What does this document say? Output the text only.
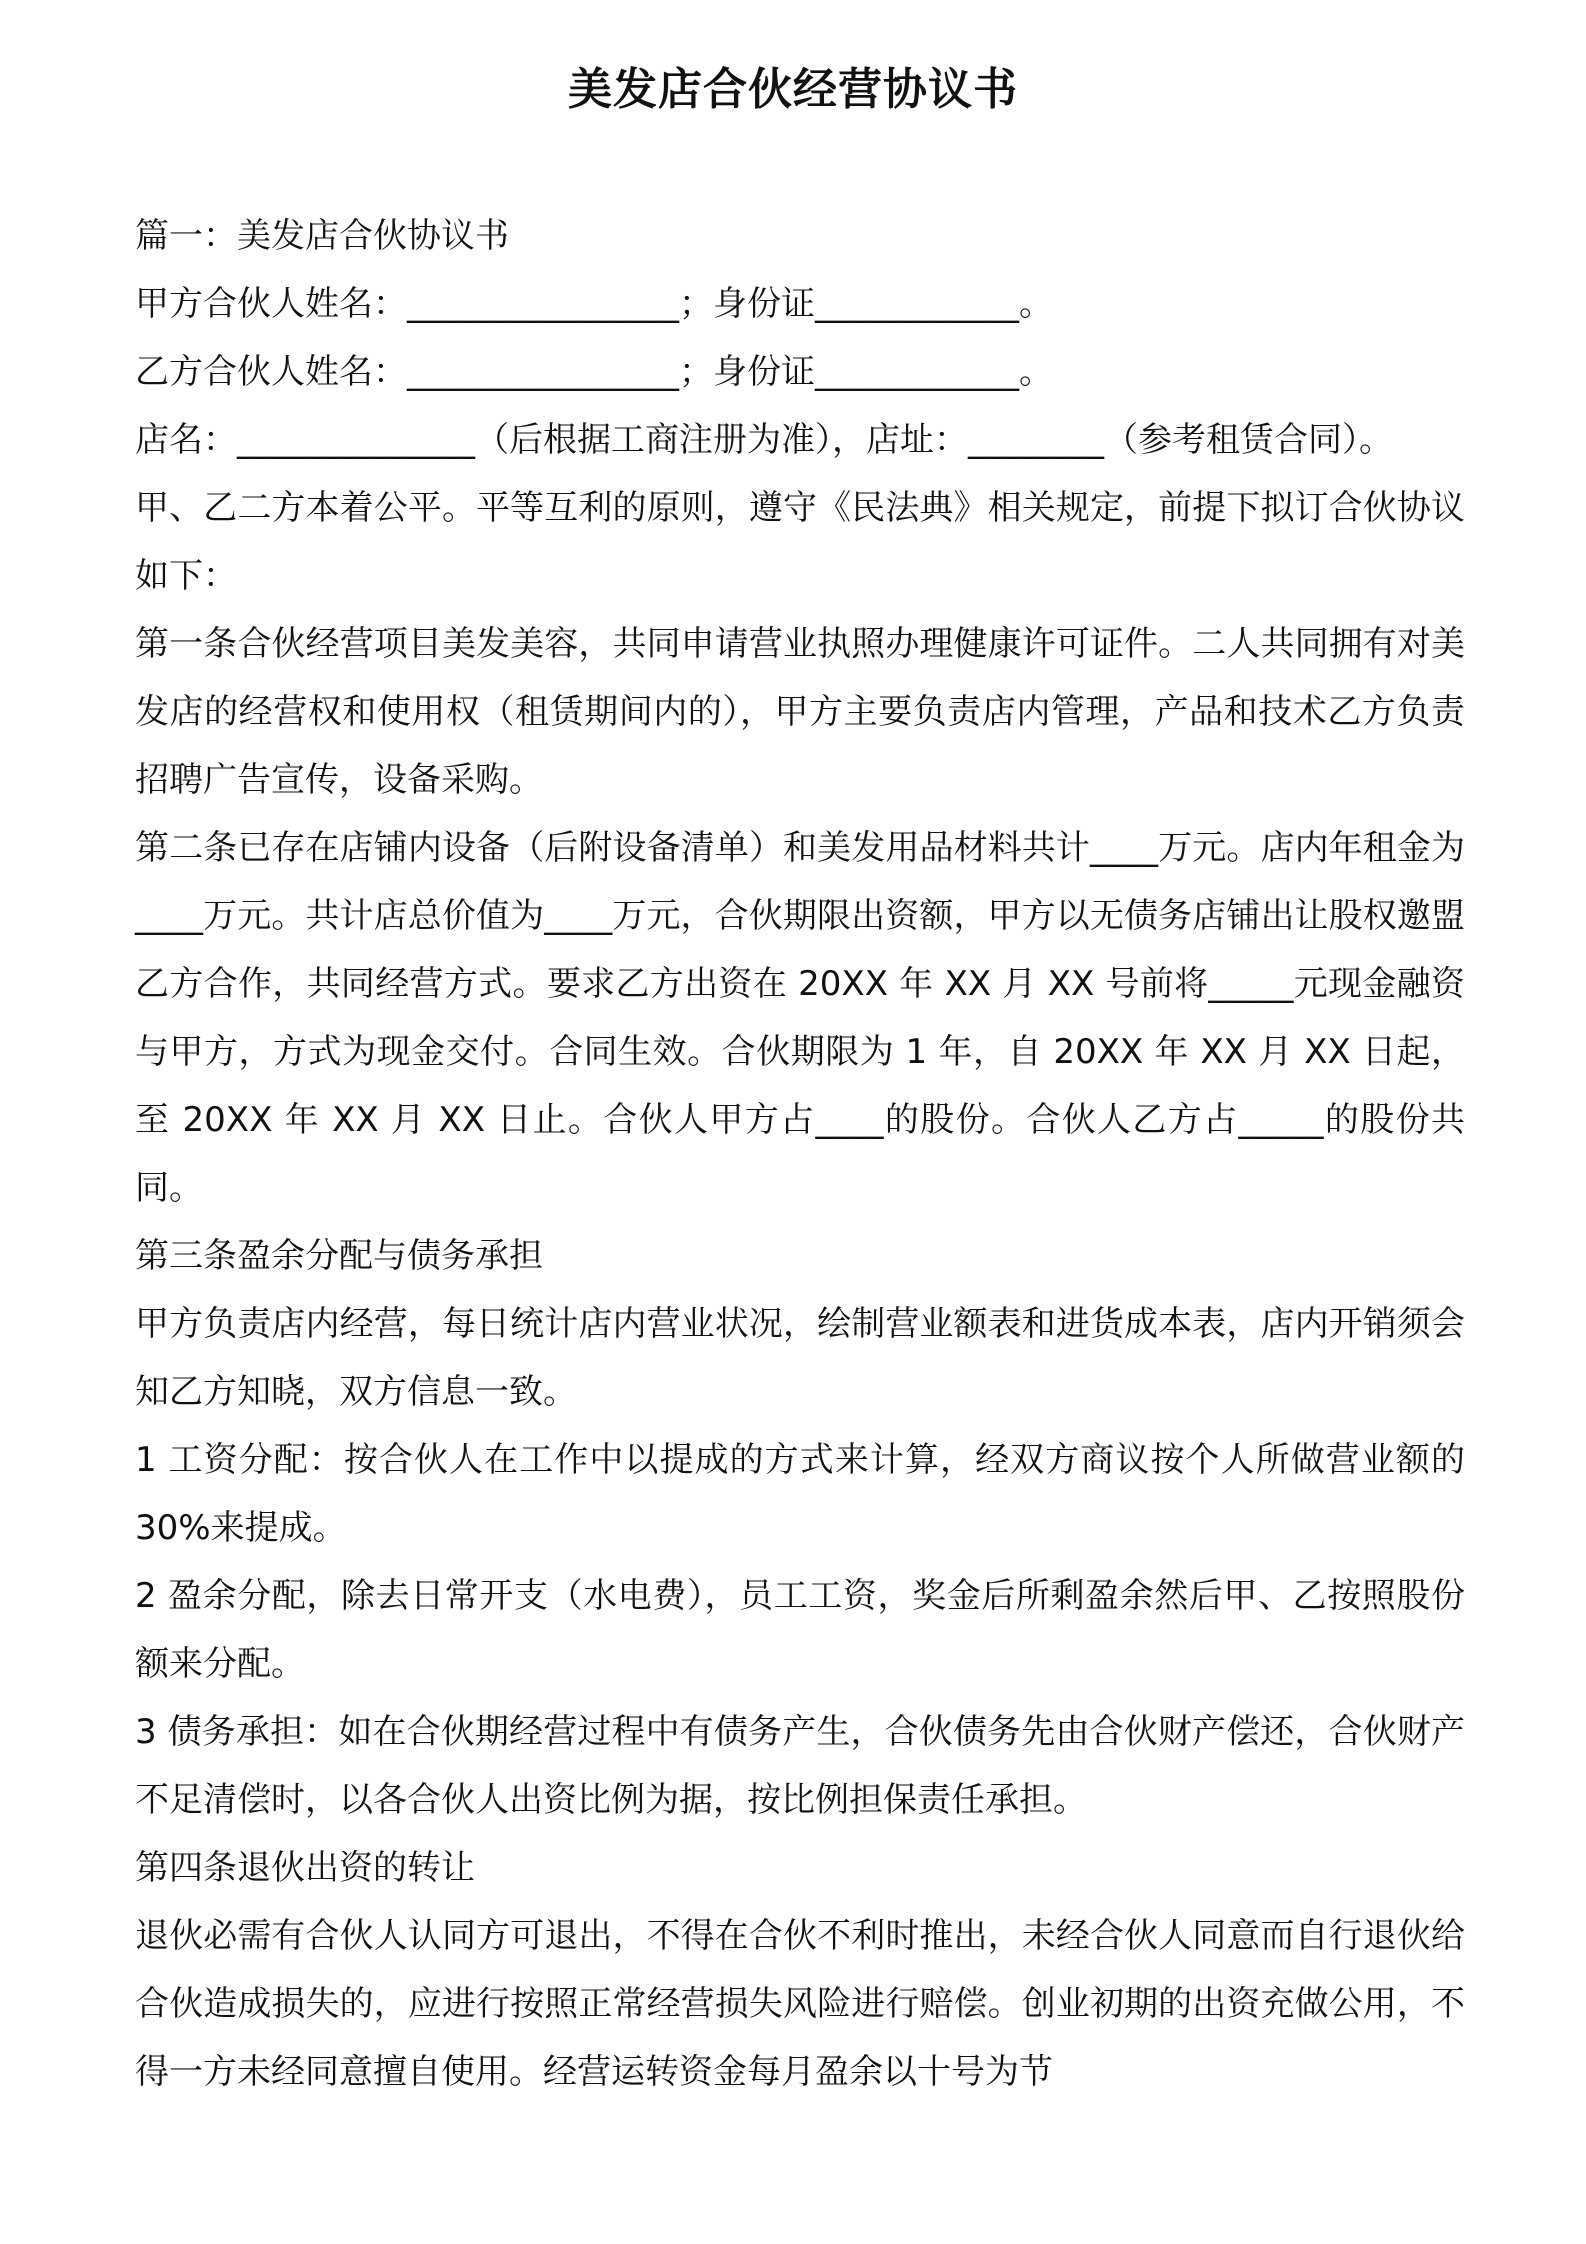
美发店合伙经营协议书

篇一：美发店合伙协议书

甲方合伙人姓名：________________；身份证____________。

乙方合伙人姓名：________________；身份证____________。

店名：______________（后根据工商注册为准），店址：________（参考租赁合同）。

甲、乙二方本着公平。平等互利的原则，遵守《民法典》相关规定，前提下拟订合伙协议如下：

第一条合伙经营项目美发美容，共同申请营业执照办理健康许可证件。二人共同拥有对美发店的经营权和使用权（租赁期间内的），甲方主要负责店内管理，产品和技术乙方负责招聘广告宣传，设备采购。

第二条已存在店铺内设备（后附设备清单）和美发用品材料共计____万元。店内年租金为____万元。共计店总价值为____万元，合伙期限出资额，甲方以无债务店铺出让股权邀盟乙方合作，共同经营方式。要求乙方出资在 20XX 年 XX 月 XX 号前将_____元现金融资与甲方，方式为现金交付。合同生效。合伙期限为 1 年，自 20XX 年 XX 月 XX 日起，至 20XX 年 XX 月 XX 日止。合伙人甲方占____的股份。合伙人乙方占_____的股份共同。

第三条盈余分配与债务承担

甲方负责店内经营，每日统计店内营业状况，绘制营业额表和进货成本表，店内开销须会知乙方知晓，双方信息一致。

1 工资分配：按合伙人在工作中以提成的方式来计算，经双方商议按个人所做营业额的 30%来提成。

2 盈余分配，除去日常开支（水电费），员工工资，奖金后所剩盈余然后甲、乙按照股份额来分配。

3 债务承担：如在合伙期经营过程中有债务产生，合伙债务先由合伙财产偿还，合伙财产不足清偿时，以各合伙人出资比例为据，按比例担保责任承担。

第四条退伙出资的转让

退伙必需有合伙人认同方可退出，不得在合伙不利时推出，未经合伙人同意而自行退伙给合伙造成损失的，应进行按照正常经营损失风险进行赔偿。创业初期的出资充做公用，不得一方未经同意擅自使用。经营运转资金每月盈余以十号为节
